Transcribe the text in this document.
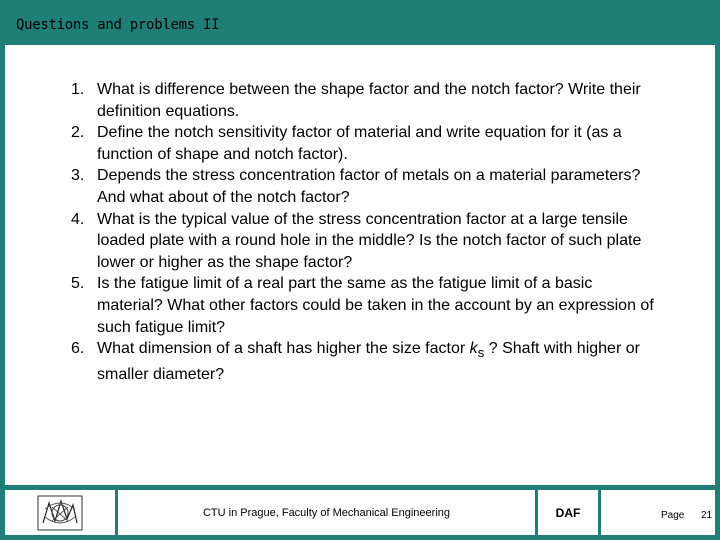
Questions and problems II
1. What is difference between the shape factor and the notch factor? Write their definition equations.
2. Define the notch sensitivity factor of material and write equation for it (as a function of shape and notch factor).
3. Depends the stress concentration factor of metals on a material parameters? And what about of the notch factor?
4. What is the typical value of the stress concentration factor at a large tensile loaded plate with a round hole in the middle? Is the notch factor of such plate lower or higher as the shape factor?
5. Is the fatigue limit of a real part the same as the fatigue limit of a basic material? What other factors could be taken in the account by an expression of such fatigue limit?
6. What dimension of a shaft has higher the size factor $k_s$ ? Shaft with higher or smaller diameter?
CTU in Prague, Faculty of Mechanical Engineering	DAF	Page 21
